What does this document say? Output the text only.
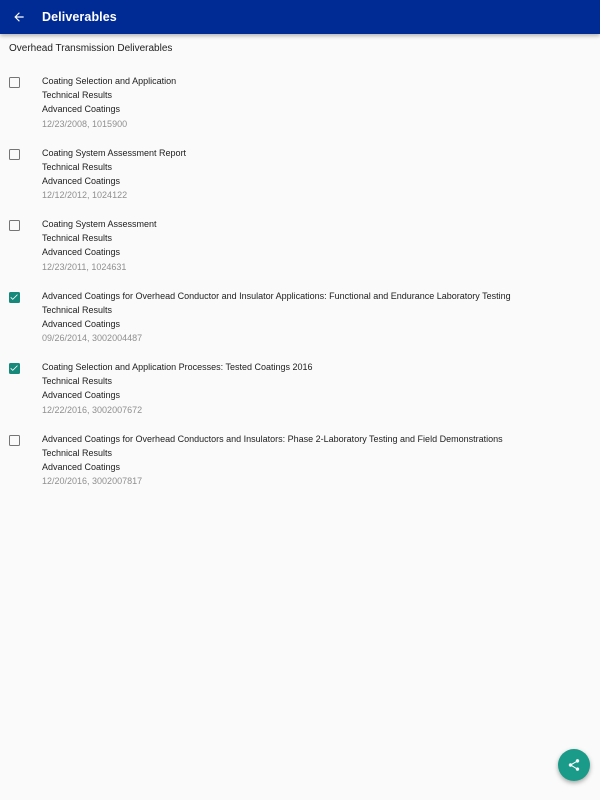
Deliverables
Overhead Transmission Deliverables
Coating Selection and Application
Technical Results
Advanced Coatings
12/23/2008, 1015900
Coating System Assessment Report
Technical Results
Advanced Coatings
12/12/2012, 1024122
Coating System Assessment
Technical Results
Advanced Coatings
12/23/2011, 1024631
Advanced Coatings for Overhead Conductor and Insulator Applications: Functional and Endurance Laboratory Testing
Technical Results
Advanced Coatings
09/26/2014, 3002004487
Coating Selection and Application Processes: Tested Coatings 2016
Technical Results
Advanced Coatings
12/22/2016, 3002007672
Advanced Coatings for Overhead Conductors and Insulators: Phase 2-Laboratory Testing and Field Demonstrations
Technical Results
Advanced Coatings
12/20/2016, 3002007817
